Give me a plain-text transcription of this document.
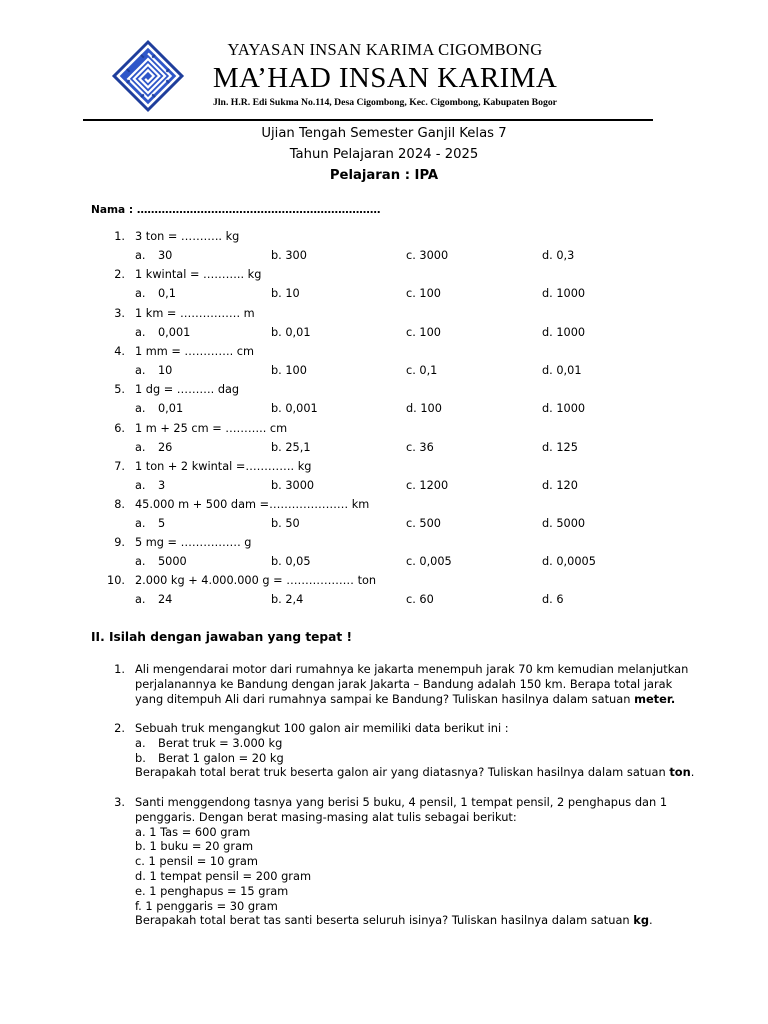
YAYASAN INSAN KARIMA CIGOMBONG
MA’HAD INSAN KARIMA
Jln. H.R. Edi Sukma No.114, Desa Cigombong, Kec. Cigombong, Kabupaten Bogor
Ujian Tengah Semester Ganjil Kelas 7
Tahun Pelajaran 2024 - 2025
Pelajaran : IPA
Nama : ……………………………………………………………
1. 3 ton = ……….. kg
a. 30	b. 300	c. 3000	d. 0,3
2. 1 kwintal = ……….. kg
a. 0,1	b. 10	c. 100	d. 1000
3. 1 km = ……………. m
a. 0,001	b. 0,01	c. 100	d. 1000
4. 1 mm = …………. cm
a. 10	b. 100	c. 0,1	d. 0,01
5. 1 dg = ………. dag
a. 0,01	b. 0,001	d. 100	d. 1000
6. 1 m + 25 cm = ……….. cm
a. 26	b. 25,1	c. 36	d. 125
7. 1 ton + 2 kwintal =…………. kg
a. 3	b. 3000	c. 1200	d. 120
8. 45.000 m + 500 dam =………………… km
a. 5	b. 50	c. 500	d. 5000
9. 5 mg = ……………. g
a. 5000	b. 0,05	c. 0,005	d. 0,0005
10. 2.000 kg + 4.000.000 g = ……………… ton
a. 24	b. 2,4	c. 60	d. 6
II. Isilah dengan jawaban yang tepat !
1. Ali mengendarai motor dari rumahnya ke jakarta menempuh jarak 70 km kemudian melanjutkan

perjalanannya ke Bandung dengan jarak Jakarta – Bandung adalah 150 km. Berapa total jarak

yang ditempuh Ali dari rumahnya sampai ke Bandung? Tuliskan hasilnya dalam satuan meter.

2. Sebuah truk mengangkut 100 galon air memiliki data berikut ini :

a. Berat truk = 3.000 kg

b. Berat 1 galon = 20 kg

Berapakah total berat truk beserta galon air yang diatasnya? Tuliskan hasilnya dalam satuan ton.

3. Santi menggendong tasnya yang berisi 5 buku, 4 pensil, 1 tempat pensil, 2 penghapus dan 1

penggaris. Dengan berat masing-masing alat tulis sebagai berikut:

a. 1 Tas = 600 gram

b. 1 buku = 20 gram

c. 1 pensil = 10 gram

d. 1 tempat pensil = 200 gram

e. 1 penghapus = 15 gram

f. 1 penggaris = 30 gram

Berapakah total berat tas santi beserta seluruh isinya? Tuliskan hasilnya dalam satuan kg.
